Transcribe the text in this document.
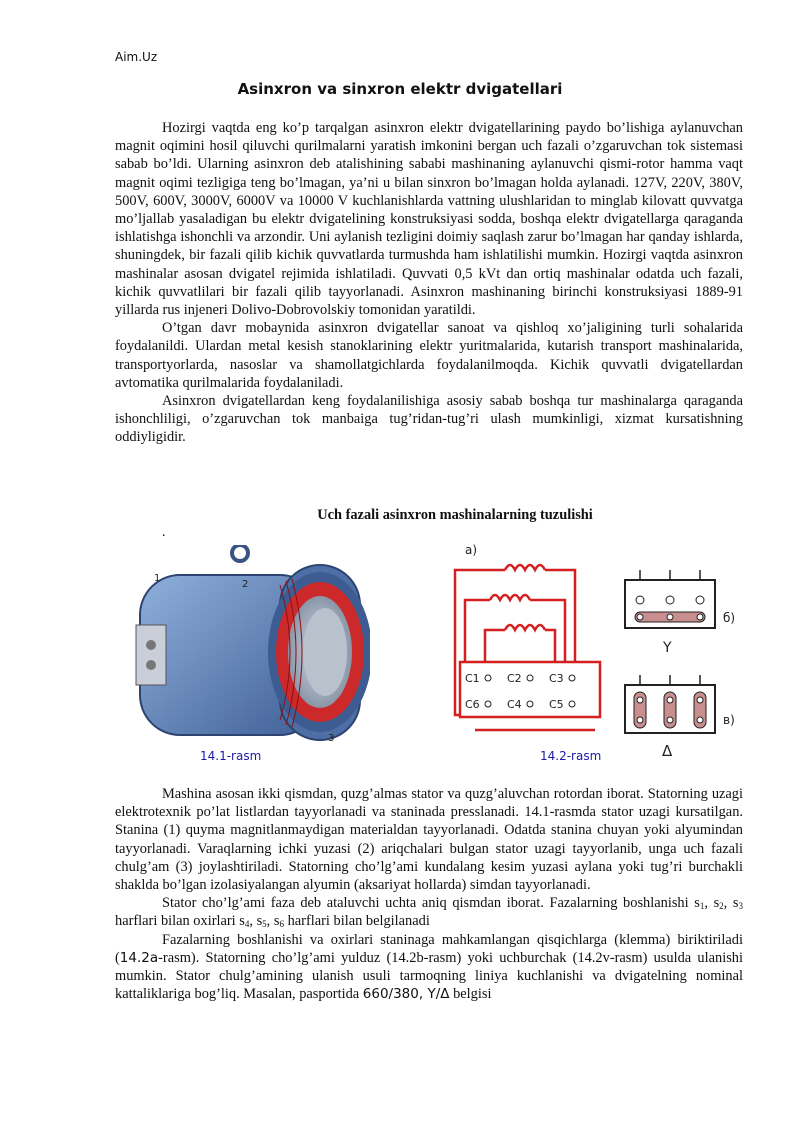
Aim.Uz
Asinxron va sinxron elektr dvigatellari

Hozirgi vaqtda eng ko’p tarqalgan asinxron elektr dvigatellarining paydo bo’lishiga aylanuvchan magnit oqimini hosil qiluvchi qurilmalarni yaratish imkonini bergan uch fazali o’zgaruvchan tok sistemasi sabab bo’ldi. Ularning asinxron deb atalishining sababi mashinaning aylanuvchi qismi-rotor hamma vaqt magnit oqimi tezligiga teng bo’lmagan, ya’ni u bilan sinxron bo’lmagan holda aylanadi. 127V, 220V, 380V, 500V, 600V, 3000V, 6000V va 10000 V kuchlanishlarda vattning ulushlaridan to minglab kilovatt quvvatga mo’ljallab yasaladigan bu elektr dvigatelining konstruksiyasi sodda, boshqa elektr dvigatellarga qaraganda ishlatishga ishonchli va arzondir. Uni aylanish tezligini doimiy saqlash zarur bo’lmagan har qanday ishlarda, shuningdek, bir fazali qilib kichik quvvatlarda turmushda ham ishlatilishi mumkin. Hozirgi vaqtda asinxron mashinalar asosan dvigatel rejimida ishlatiladi. Quvvati 0,5 kVt dan ortiq mashinalar odatda uch fazali, kichik quvvatlilari bir fazali qilib tayyorlanadi. Asinxron mashinaning birinchi konstruksiyasi 1889-91 yillarda rus injeneri Dolivo-Dobrovolskiy tomonidan yaratildi.

O’tgan davr mobaynida asinxron dvigatellar sanoat va qishloq xo’jaligining turli sohalarida foydalanildi. Ulardan metal kesish stanoklarining elektr yuritmalarida, kutarish transport mashinalarida, transportyorlarda, nasoslar va shamollatgichlarda foydalanilmoqda. Kichik quvvatli dvigatellardan avtomatika qurilmalarida foydalaniladi.

Asinxron dvigatellardan keng foydalanilishiga asosiy sabab boshqa tur mashinalarga qaraganda ishonchliligi, o’zgaruvchan tok manbaiga tug’ridan-tug’ri ulash mumkinligi, xizmat kursatishning oddiyligidir.

Uch fazali asinxron mashinalarning tuzulishi
.
1
2
3
a)
C1 C2 C3
C6 C4 C5
б)
Y
в)
Δ
14.1-rasm	14.2-rasm

Mashina asosan ikki qismdan, quzg’almas stator va quzg’aluvchan rotordan iborat. Statorning uzagi elektrotexnik po’lat listlardan tayyorlanadi va staninada presslanadi. 14.1-rasmda stator uzagi kursatilgan. Stanina (1) quyma magnitlanmaydigan materialdan tayyorlanadi. Odatda stanina chuyan yoki alyumindan tayyorlanadi. Varaqlarning ichki yuzasi (2) ariqchalari bulgan stator uzagi tayyorlanib, unga uch fazali chulg’am (3) joylashtiriladi. Statorning cho’lg’ami kundalang kesim yuzasi aylana yoki tug’ri burchakli shaklda bo’lgan izolasiyalangan alyumin (aksariyat hollarda) simdan tayyorlanadi.

Stator cho’lg’ami faza deb ataluvchi uchta aniq qismdan iborat. Fazalarning boshlanishi $s_1$, $s_2$, $s_3$ harflari bilan oxirlari $s_4$, $s_5$, $s_6$ harflari bilan belgilanadi

Fazalarning boshlanishi va oxirlari staninaga mahkamlangan qisqichlarga (klemma) biriktiriladi (14.2a-rasm). Statorning cho’lg’ami yulduz (14.2b-rasm) yoki uchburchak (14.2v-rasm) usulda ulanishi mumkin. Stator chulg’amining ulanish usuli tarmoqning liniya kuchlanishi va dvigatelning nominal kattaliklariga bog’liq. Masalan, pasportida 660/380, Y/Δ belgisi
